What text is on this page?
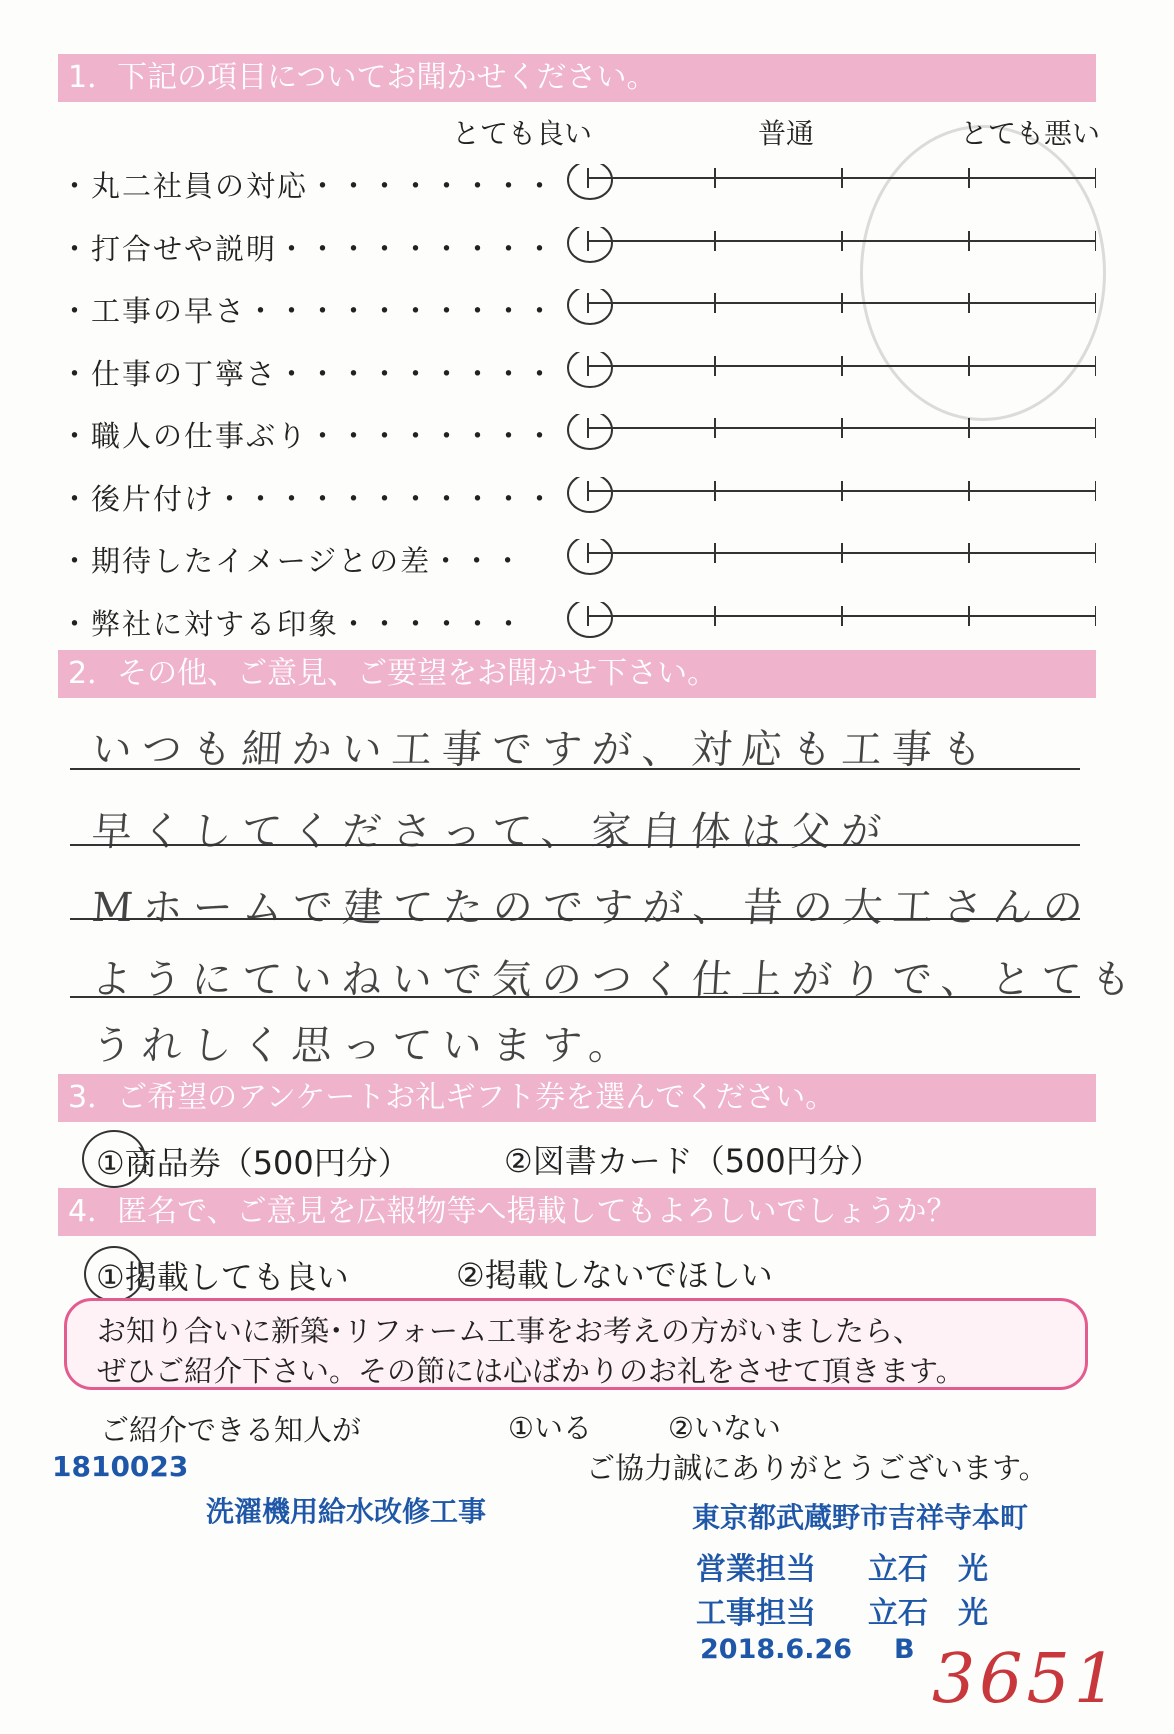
1．下記の項目についてお聞かせください。
とても良い	普通	とても悪い
・丸二社員の対応・・・・・・・・
・打合せや説明・・・・・・・・・
・工事の早さ・・・・・・・・・・
・仕事の丁寧さ・・・・・・・・・
・職人の仕事ぶり・・・・・・・・
・後片付け・・・・・・・・・・・
・期待したイメージとの差・・・
・弊社に対する印象・・・・・・
2．その他、ご意見、ご要望をお聞かせ下さい。
いつも細かい工事ですが、対応も工事も
早くしてくださって、家自体は父が
Mホームで建てたのですが、昔の大工さんの
ようにていねいで気のつく仕上がりで、とても
うれしく思っています。
3．ご希望のアンケートお礼ギフト券を選んでください。
①商品券（500円分）	②図書カード（500円分）
4．匿名で、ご意見を広報物等へ掲載してもよろしいでしょうか？
①掲載しても良い	②掲載しないでほしい
お知り合いに新築･リフォーム工事をお考えの方がいましたら、
ぜひご紹介下さい。その節には心ばかりのお礼をさせて頂きます。
ご紹介できる知人が	①いる	②いない
ご協力誠にありがとうございます。
1810023
洗濯機用給水改修工事	東京都武蔵野市吉祥寺本町
営業担当 立石　光
工事担当 立石　光
2018.6.26 B 3651
